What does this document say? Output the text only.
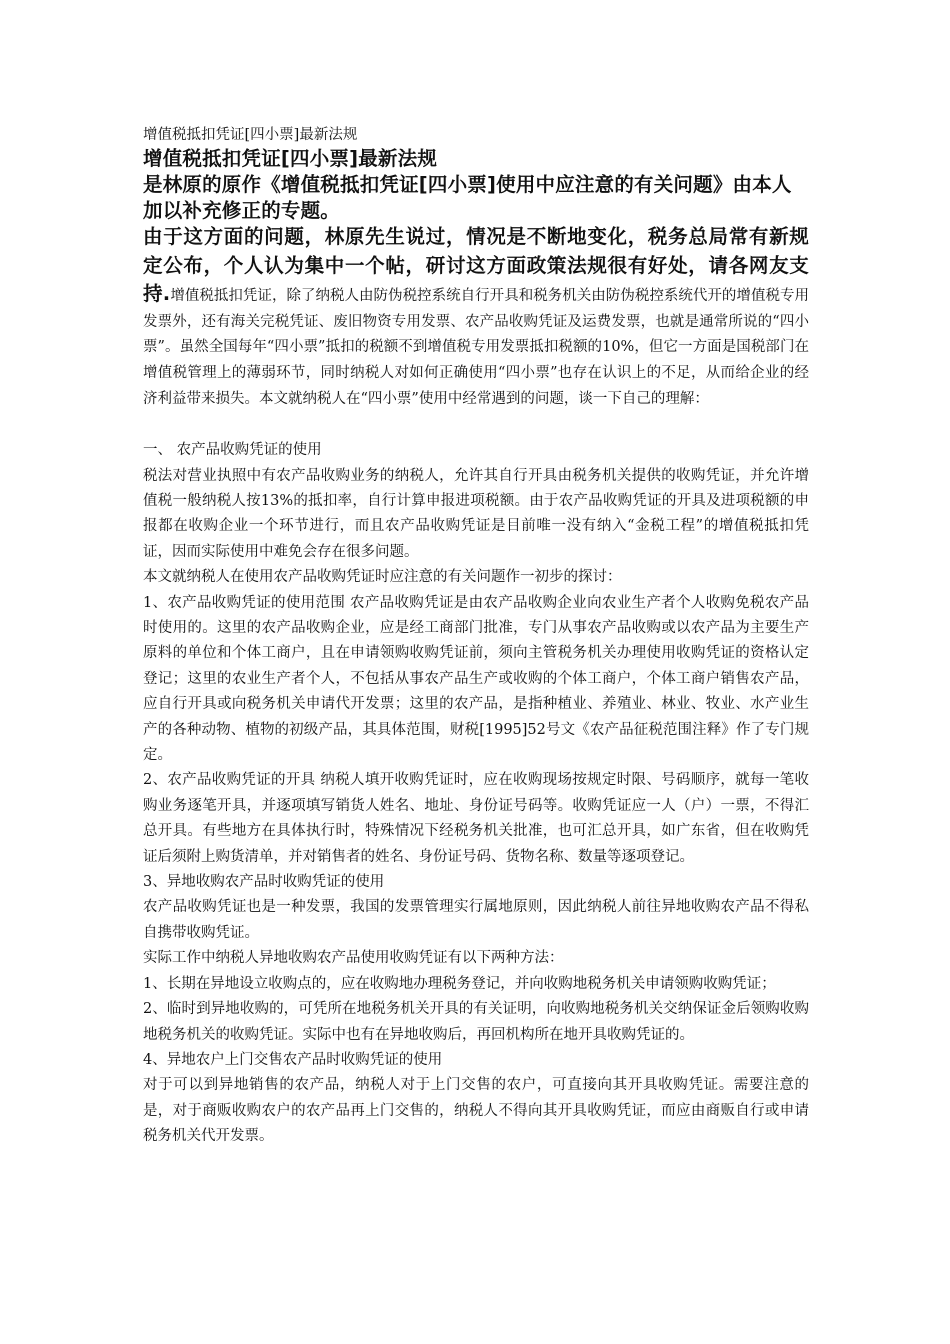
增值税抵扣凭证[四小票]最新法规

增值税抵扣凭证[四小票]最新法规

是林原的原作《增值税抵扣凭证[四小票]使用中应注意的有关问题》由本人加以补充修正的专题。

由于这方面的问题，林原先生说过，情况是不断地变化，税务总局常有新规定公布，个人认为集中一个帖，研讨这方面政策法规很有好处，请各网友支持.增值税抵扣凭证，除了纳税人由防伪税控系统自行开具和税务机关由防伪税控系统代开的增值税专用发票外，还有海关完税凭证、废旧物资专用发票、农产品收购凭证及运费发票，也就是通常所说的“四小票”。虽然全国每年“四小票”抵扣的税额不到增值税专用发票抵扣税额的10%，但它一方面是国税部门在增值税管理上的薄弱环节，同时纳税人对如何正确使用“四小票”也存在认识上的不足，从而给企业的经济利益带来损失。本文就纳税人在“四小票”使用中经常遇到的问题，谈一下自己的理解：

一、 农产品收购凭证的使用

税法对营业执照中有农产品收购业务的纳税人，允许其自行开具由税务机关提供的收购凭证，并允许增值税一般纳税人按13%的抵扣率，自行计算申报进项税额。由于农产品收购凭证的开具及进项税额的申报都在收购企业一个环节进行，而且农产品收购凭证是目前唯一没有纳入“金税工程”的增值税抵扣凭证，因而实际使用中难免会存在很多问题。

本文就纳税人在使用农产品收购凭证时应注意的有关问题作一初步的探讨：

1、农产品收购凭证的使用范围 农产品收购凭证是由农产品收购企业向农业生产者个人收购免税农产品时使用的。这里的农产品收购企业，应是经工商部门批准，专门从事农产品收购或以农产品为主要生产原料的单位和个体工商户，且在申请领购收购凭证前，须向主管税务机关办理使用收购凭证的资格认定登记；这里的农业生产者个人，不包括从事农产品生产或收购的个体工商户，个体工商户销售农产品，应自行开具或向税务机关申请代开发票；这里的农产品，是指种植业、养殖业、林业、牧业、水产业生产的各种动物、植物的初级产品，其具体范围，财税[1995]52号文《农产品征税范围注释》作了专门规定。

2、农产品收购凭证的开具 纳税人填开收购凭证时，应在收购现场按规定时限、号码顺序，就每一笔收购业务逐笔开具，并逐项填写销货人姓名、地址、身份证号码等。收购凭证应一人（户）一票，不得汇总开具。有些地方在具体执行时，特殊情况下经税务机关批准，也可汇总开具，如广东省，但在收购凭证后须附上购货清单，并对销售者的姓名、身份证号码、货物名称、数量等逐项登记。

3、异地收购农产品时收购凭证的使用

农产品收购凭证也是一种发票，我国的发票管理实行属地原则，因此纳税人前往异地收购农产品不得私自携带收购凭证。

实际工作中纳税人异地收购农产品使用收购凭证有以下两种方法：

1、长期在异地设立收购点的，应在收购地办理税务登记，并向收购地税务机关申请领购收购凭证；

2、临时到异地收购的，可凭所在地税务机关开具的有关证明，向收购地税务机关交纳保证金后领购收购地税务机关的收购凭证。实际中也有在异地收购后，再回机构所在地开具收购凭证的。

4、异地农户上门交售农产品时收购凭证的使用

对于可以到异地销售的农产品，纳税人对于上门交售的农户，可直接向其开具收购凭证。需要注意的是，对于商贩收购农户的农产品再上门交售的，纳税人不得向其开具收购凭证，而应由商贩自行或申请税务机关代开发票。
